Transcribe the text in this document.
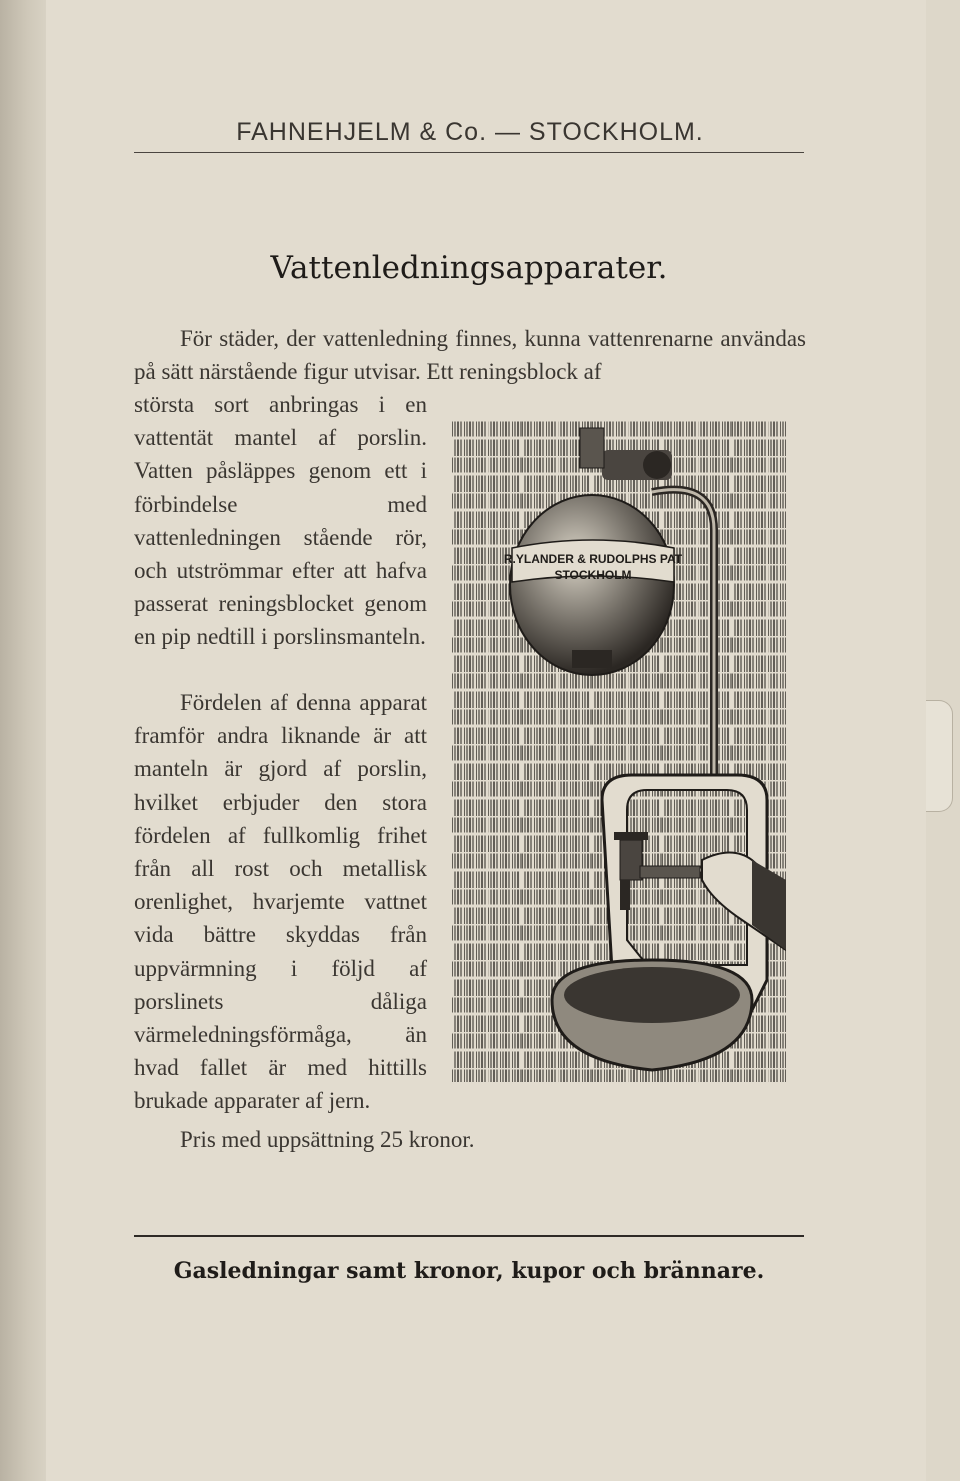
FAHNEHJELM & Co. — STOCKHOLM.
Vattenledningsapparater.
För städer, der vattenledning finnes, kunna vattenrenarne användas på sätt närstående figur utvisar. Ett reningsblock af
största sort anbringas i en vattentät mantel af porslin. Vatten påsläppes genom ett i förbindelse med vattenledningen stående rör, och utströmmar efter att hafva passerat reningsblocket genom en pip nedtill i porslinsmanteln.
Fördelen af denna apparat framför andra liknande är att manteln är gjord af porslin, hvilket erbjuder den stora fördelen af fullkomlig frihet från all rost och metallisk orenlighet, hvarjemte vattnet vida bättre skyddas från uppvärmning i följd af porslinets dåliga värmeledningsförmåga, än hvad fallet är med hittills brukade apparater af jern.
Pris med uppsättning 25 kronor.
Gasledningar samt kronor, kupor och brännare.
R.YLANDER & RUDOLPHS PAT
STOCKHOLM
